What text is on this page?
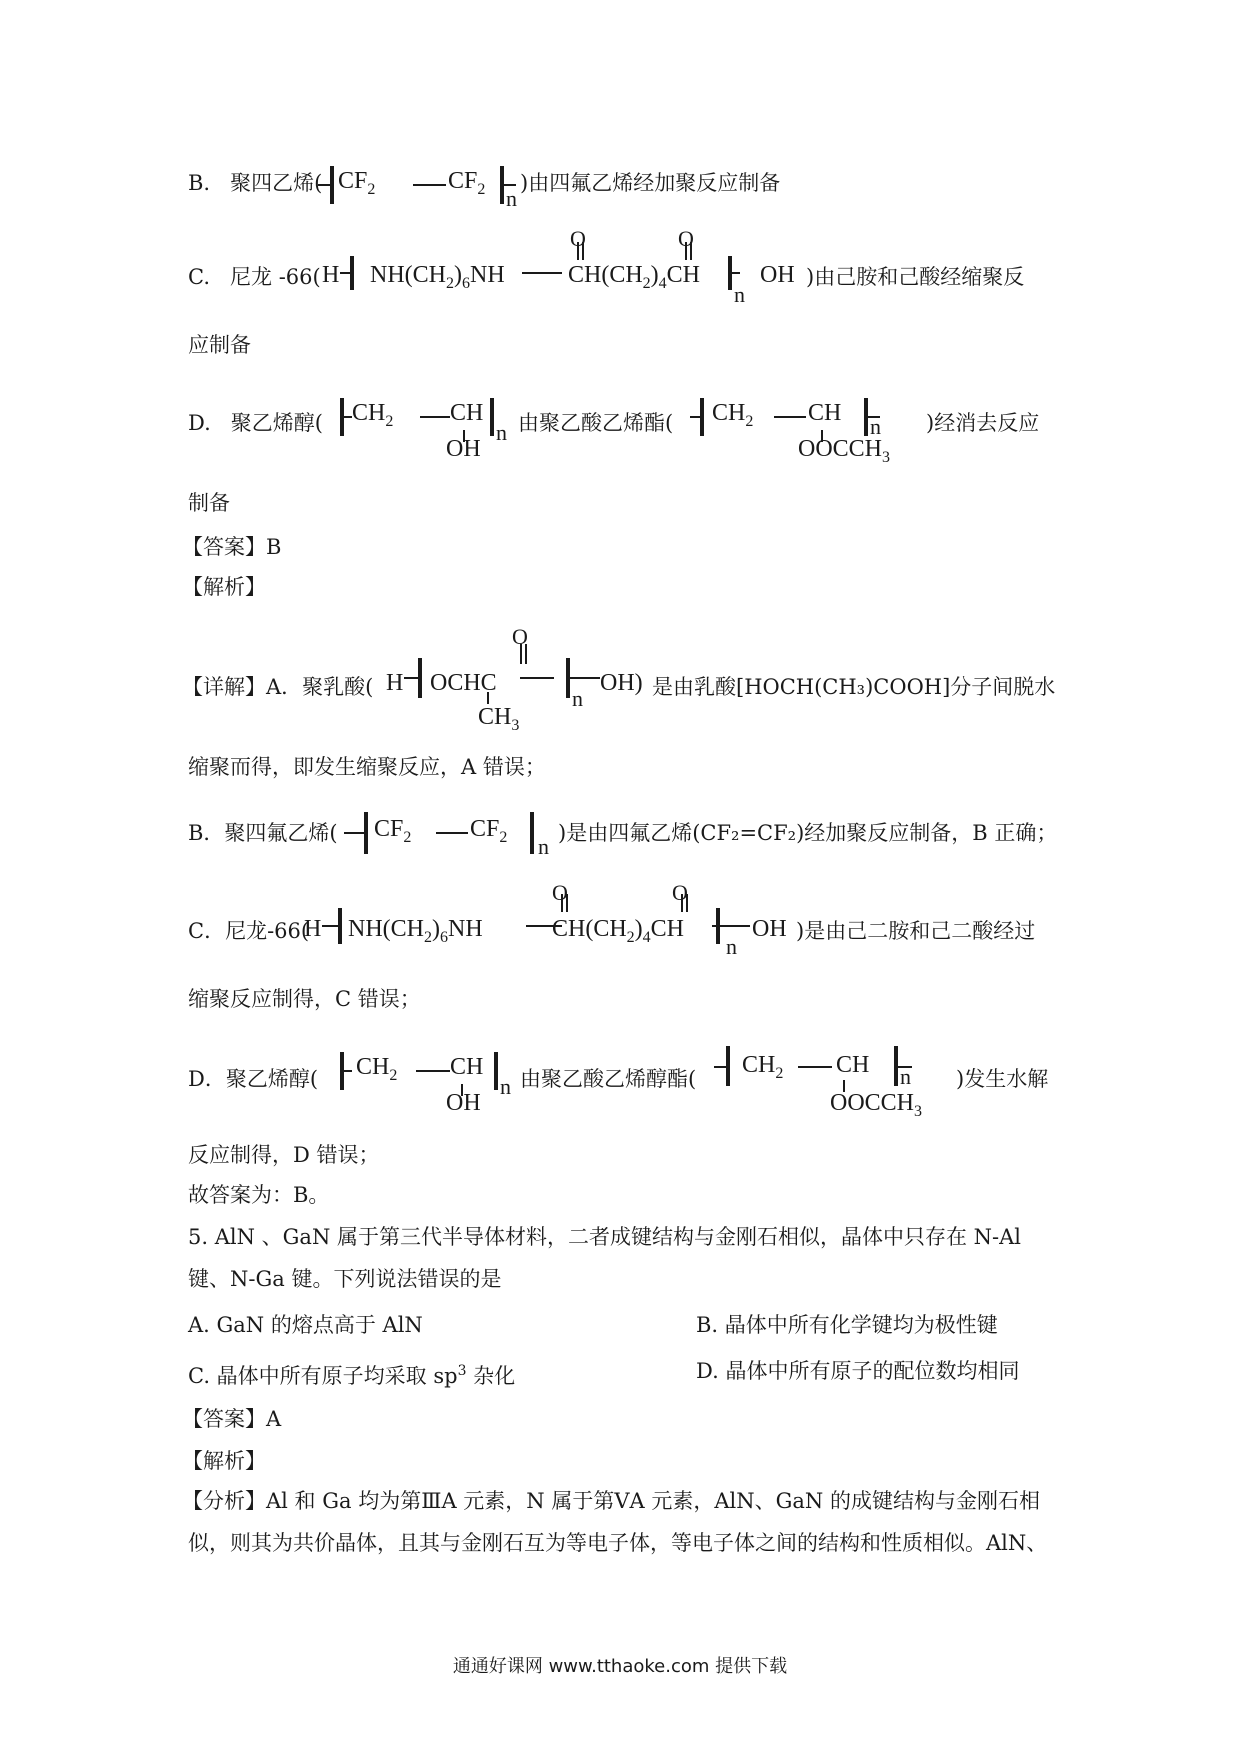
B. 聚四乙烯( $CF_2$	$CF_2$ n
)由四氟乙烯经加聚反应制备
C. 尼龙 -66( H $NH(CH_2)_6NH$
O	O
$CH(CH_2)_4CH$
n
OH )由己胺和己酸经缩聚反
应制备
D. 聚乙烯醇(	$CH_2$ CH
OH
n 由聚乙酸乙烯酯( $CH_2$ CH
$OOCCH_3$
n )经消去反应
制备
【答案】B
【解析】
【详解】A．聚乳酸( H OCHC
O
$CH_3$
n
OH) 是由乳酸[HOCH(CH₃)COOH]分子间脱水
缩聚而得，即发生缩聚反应，A 错误；
B．聚四氟乙烯( $CF_2$ $CF_2$ n
)是由四氟乙烯(CF₂=CF₂)经加聚反应制备，B 正确；
C．尼龙-66(
H $NH(CH_2)_6NH$
O	O
$CH(CH_2)_4CH$
n
OH )是由己二胺和己二酸经过
缩聚反应制得，C 错误；
D．聚乙烯醇( $CH_2$ CH
OH
n 由聚乙酸乙烯醇酯(
$CH_2$ CH
$OOCCH_3$
n )发生水解
反应制得，D 错误；
故答案为：B。
5. AlN 、GaN 属于第三代半导体材料，二者成键结构与金刚石相似，晶体中只存在 N-Al
键、N-Ga 键。下列说法错误的是
A. GaN 的熔点高于 AlN	B. 晶体中所有化学键均为极性键
C. 晶体中所有原子均采取 $sp^3$ 杂化	D. 晶体中所有原子的配位数均相同
【答案】A
【解析】
【分析】Al 和 Ga 均为第ⅢA 元素，N 属于第ⅤA 元素，AlN、GaN 的成键结构与金刚石相
似，则其为共价晶体，且其与金刚石互为等电子体，等电子体之间的结构和性质相似。AlN、
通通好课网 www.tthaoke.com 提供下载
